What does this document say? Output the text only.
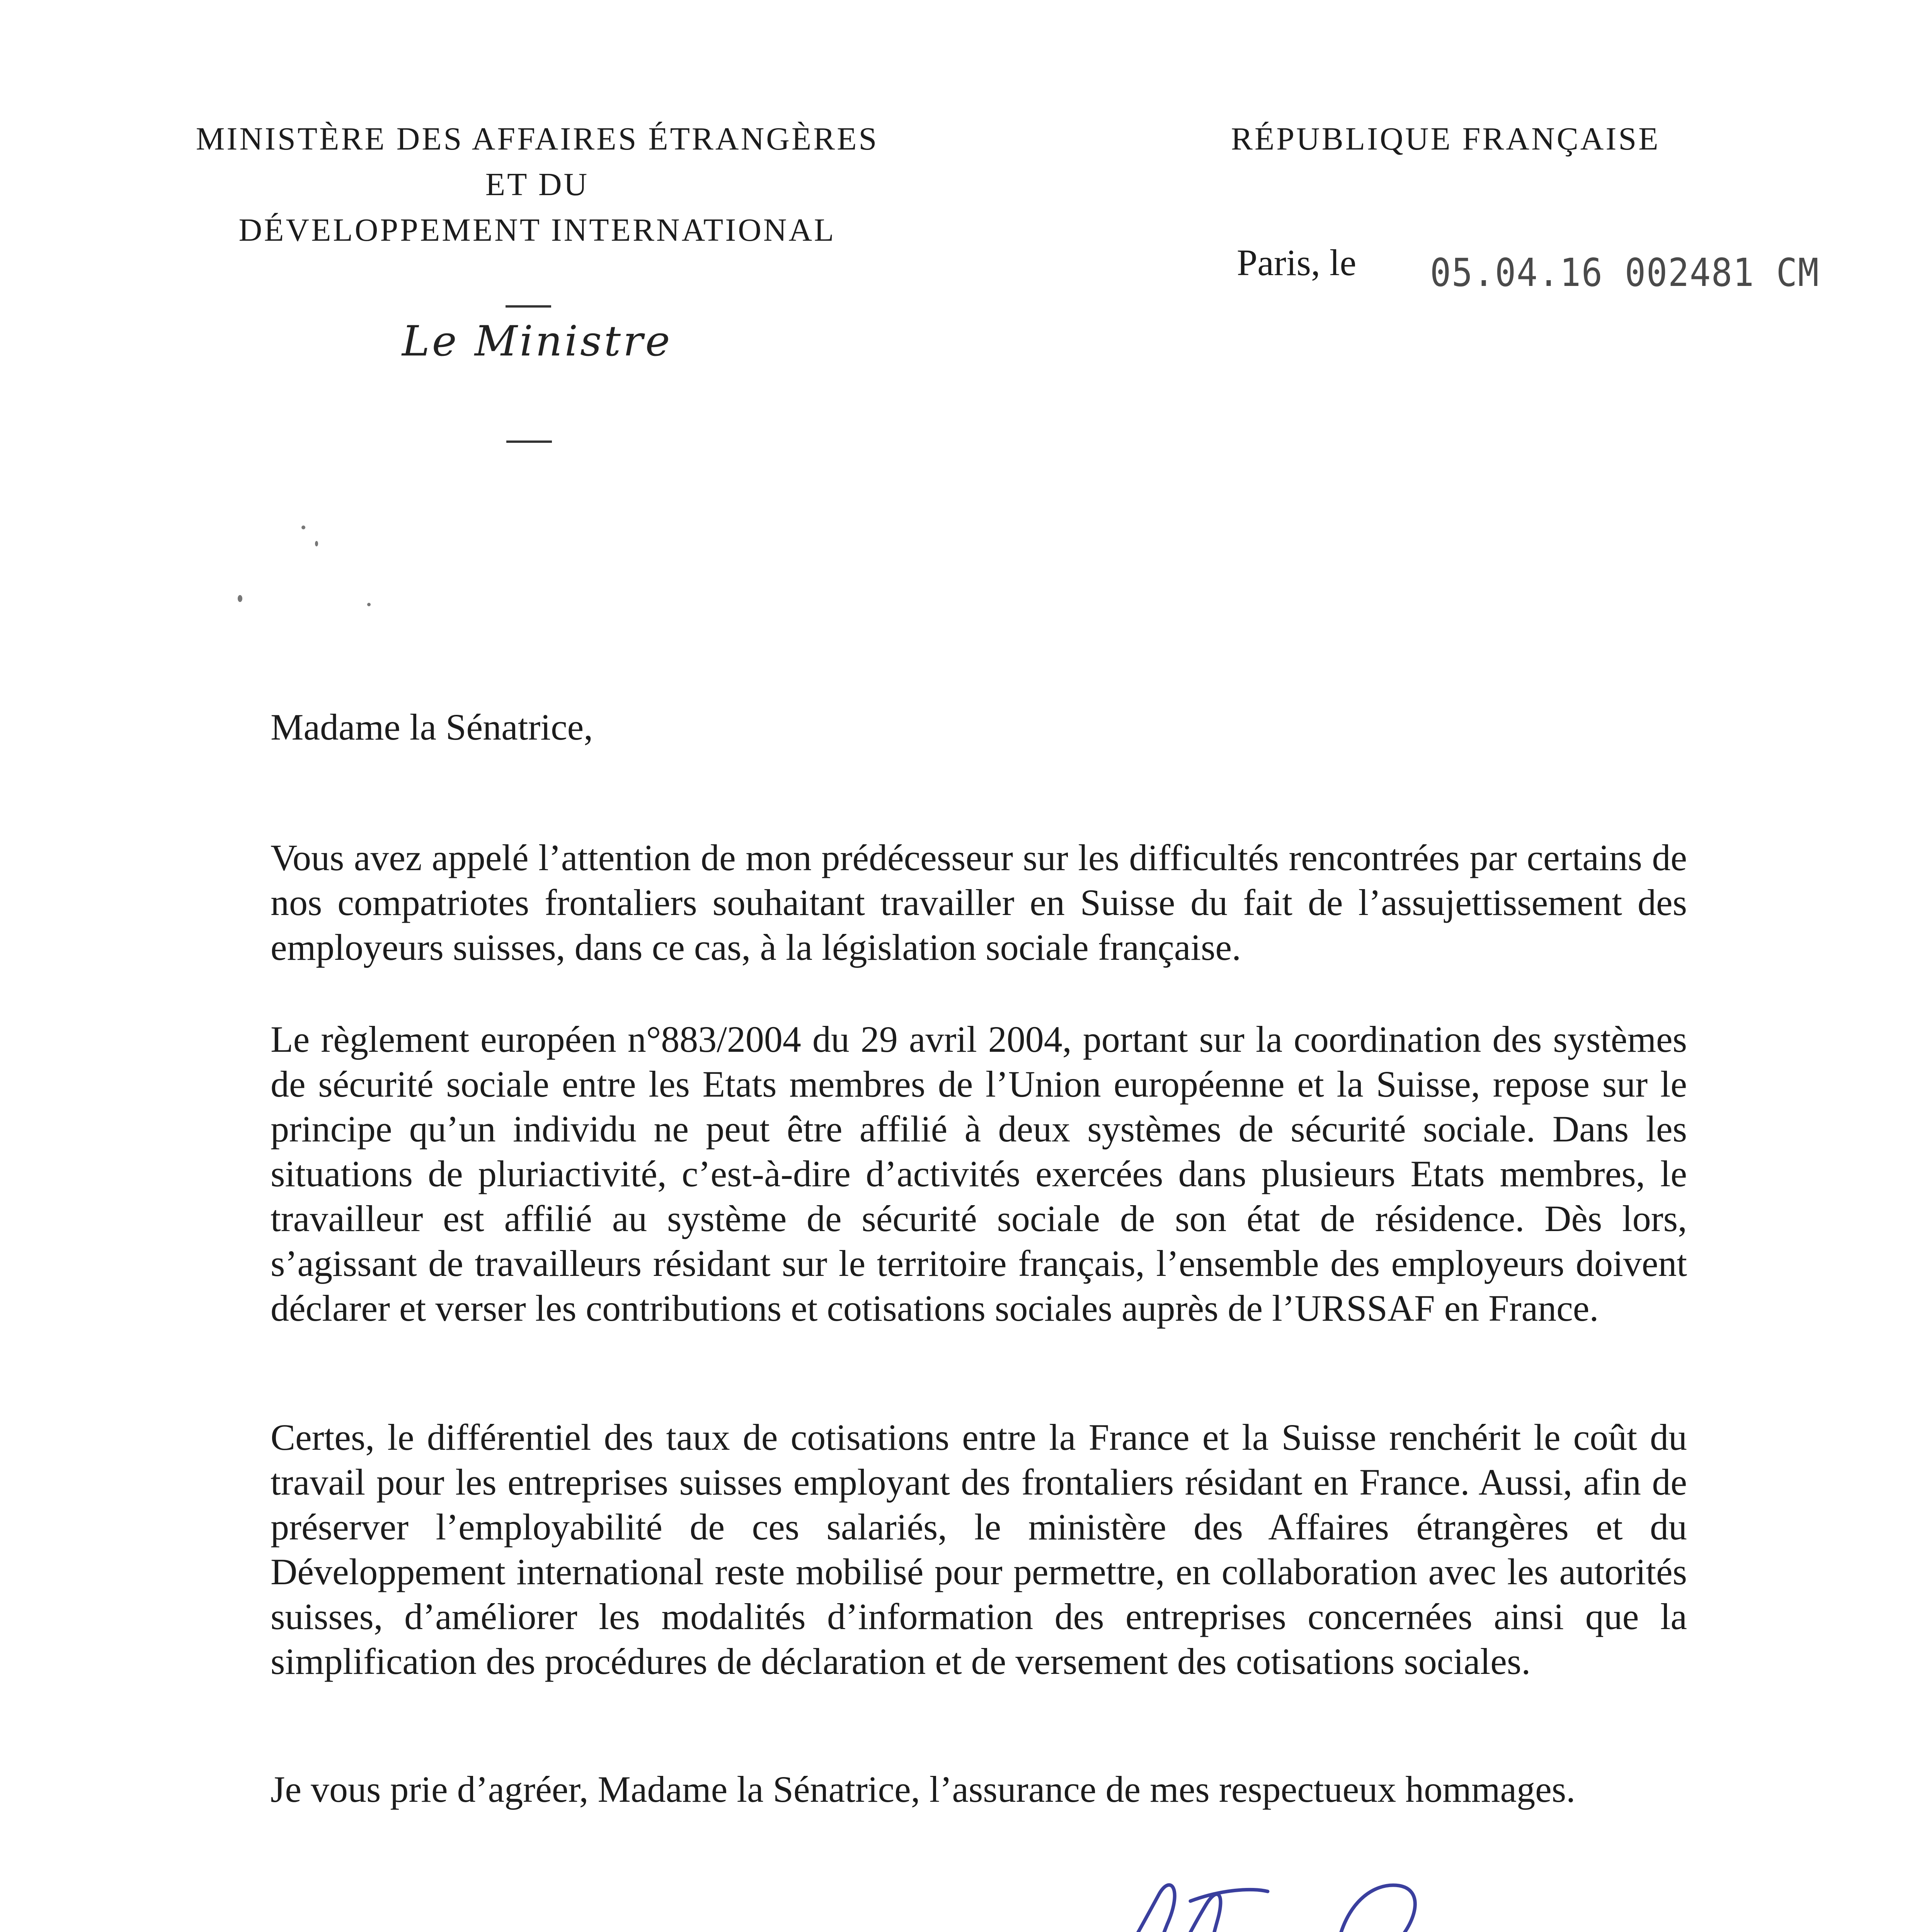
MINISTÈRE DES AFFAIRES ÉTRANGÈRES
ET DU
DÉVELOPPEMENT INTERNATIONAL
Le Ministre
RÉPUBLIQUE FRANÇAISE
Paris, le 05.04.16 002481 CM
Madame la Sénatrice,

Vous avez appelé l’attention de mon prédécesseur sur les difficultés rencontrées par certains de nos compatriotes frontaliers souhaitant travailler en Suisse du fait de l’assujettissement des employeurs suisses, dans ce cas, à la législation sociale française.

Le règlement européen n°883/2004 du 29 avril 2004, portant sur la coordination des systèmes de sécurité sociale entre les Etats membres de l’Union européenne et la Suisse, repose sur le principe qu’un individu ne peut être affilié à deux systèmes de sécurité sociale. Dans les situations de pluriactivité, c’est-à-dire d’activités exercées dans plusieurs Etats membres, le travailleur est affilié au système de sécurité sociale de son état de résidence. Dès lors, s’agissant de travailleurs résidant sur le territoire français, l’ensemble des employeurs doivent déclarer et verser les contributions et cotisations sociales auprès de l’URSSAF en France.

Certes, le différentiel des taux de cotisations entre la France et la Suisse renchérit le coût du travail pour les entreprises suisses employant des frontaliers résidant en France. Aussi, afin de préserver l’employabilité de ces salariés, le ministère des Affaires étrangères et du Développement international reste mobilisé pour permettre, en collaboration avec les autorités suisses, d’améliorer les modalités d’information des entreprises concernées ainsi que la simplification des procédures de déclaration et de versement des cotisations sociales.

Je vous prie d’agréer, Madame la Sénatrice, l’assurance de mes respectueux hommages.
